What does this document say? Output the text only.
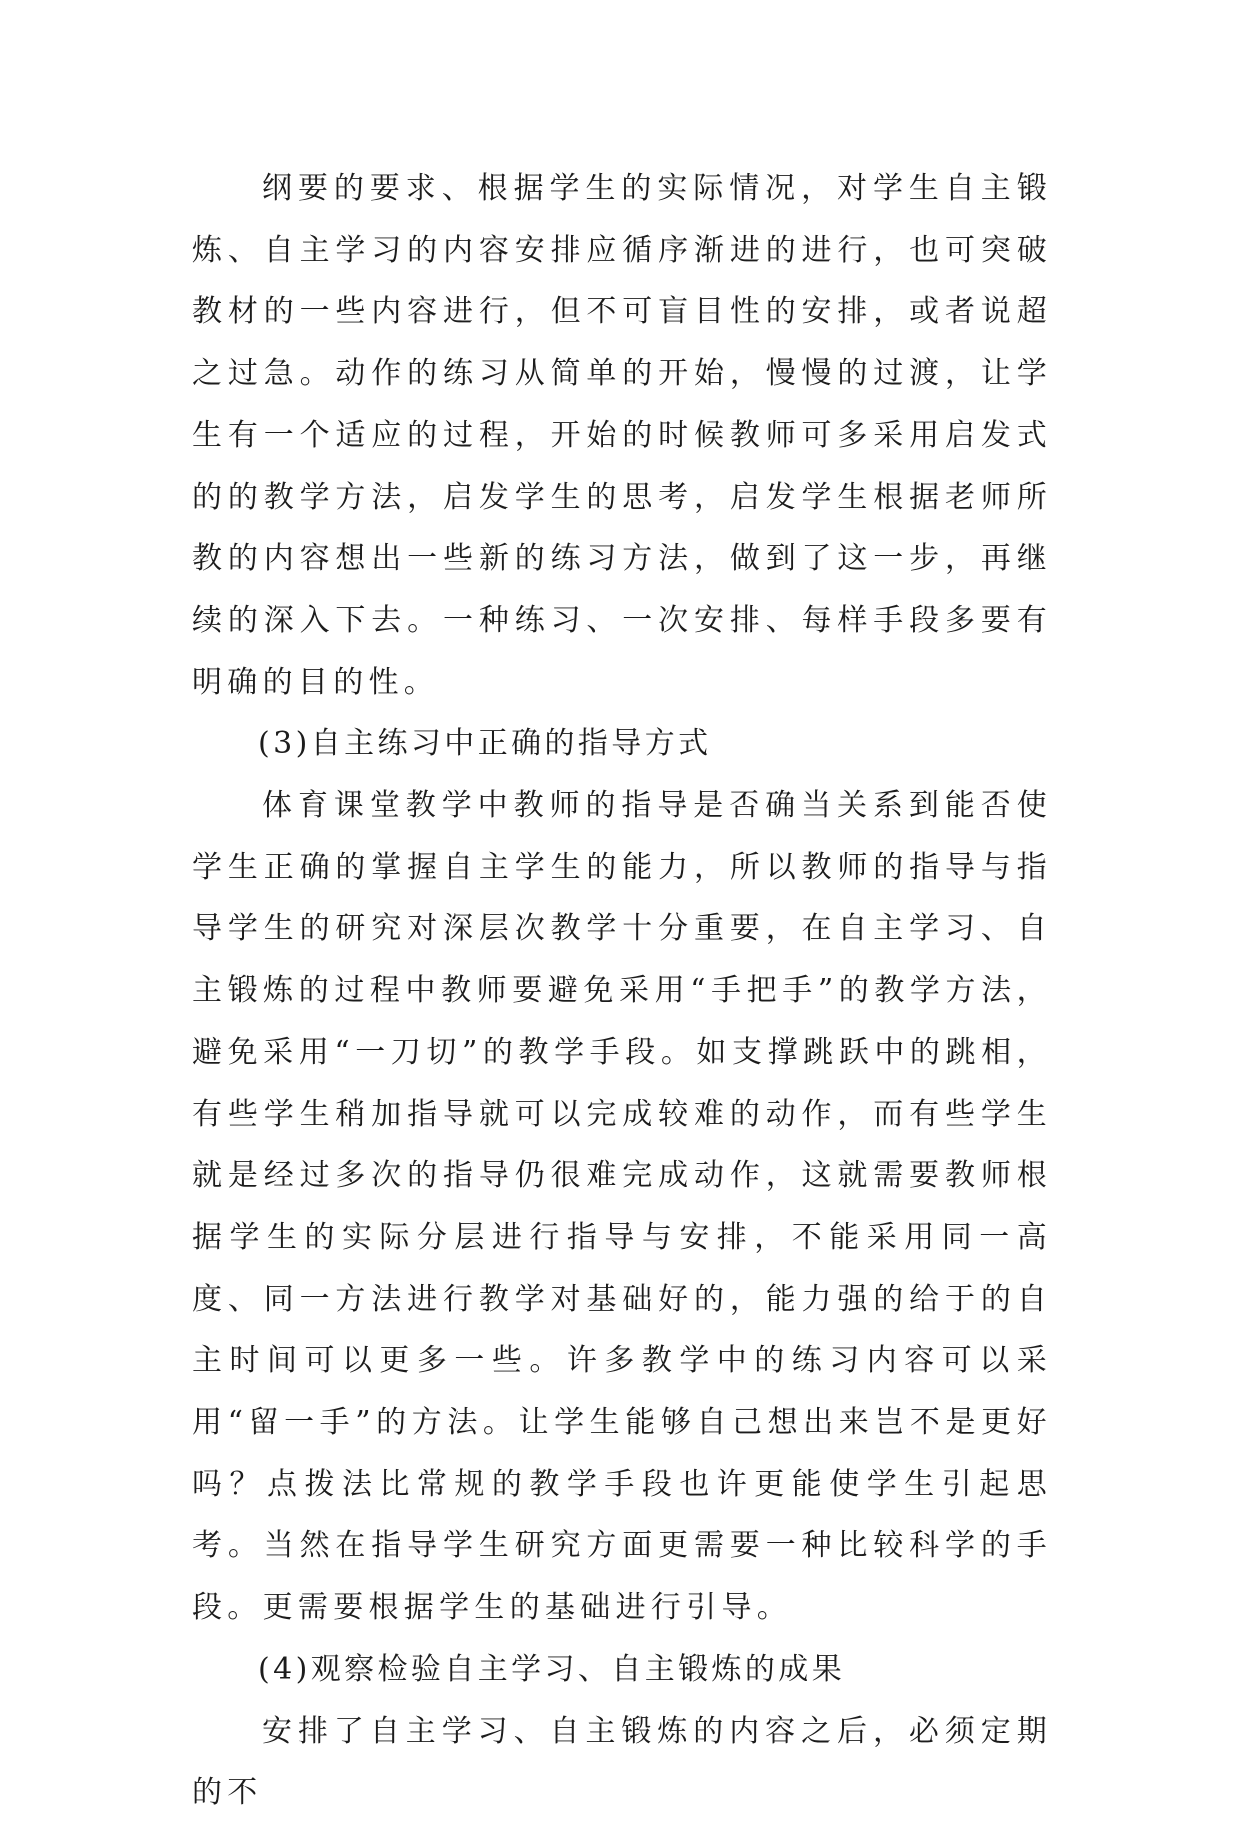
纲要的要求、根据学生的实际情况，对学生自主锻炼、自主学习的内容安排应循序渐进的进行，也可突破教材的一些内容进行，但不可盲目性的安排，或者说超之过急。动作的练习从简单的开始，慢慢的过渡，让学生有一个适应的过程，开始的时候教师可多采用启发式的的教学方法，启发学生的思考，启发学生根据老师所教的内容想出一些新的练习方法，做到了这一步，再继续的深入下去。一种练习、一次安排、每样手段多要有明确的目的性。

(3)自主练习中正确的指导方式

体育课堂教学中教师的指导是否确当关系到能否使学生正确的掌握自主学生的能力，所以教师的指导与指导学生的研究对深层次教学十分重要，在自主学习、自主锻炼的过程中教师要避免采用“手把手”的教学方法，避免采用“一刀切”的教学手段。如支撑跳跃中的跳相，有些学生稍加指导就可以完成较难的动作，而有些学生就是经过多次的指导仍很难完成动作，这就需要教师根据学生的实际分层进行指导与安排，不能采用同一高度、同一方法进行教学对基础好的，能力强的给于的自主时间可以更多一些。许多教学中的练习内容可以采用“留一手”的方法。让学生能够自己想出来岂不是更好吗？点拨法比常规的教学手段也许更能使学生引起思考。当然在指导学生研究方面更需要一种比较科学的手段。更需要根据学生的基础进行引导。

(4)观察检验自主学习、自主锻炼的成果

安排了自主学习、自主锻炼的内容之后，必须定期的不
